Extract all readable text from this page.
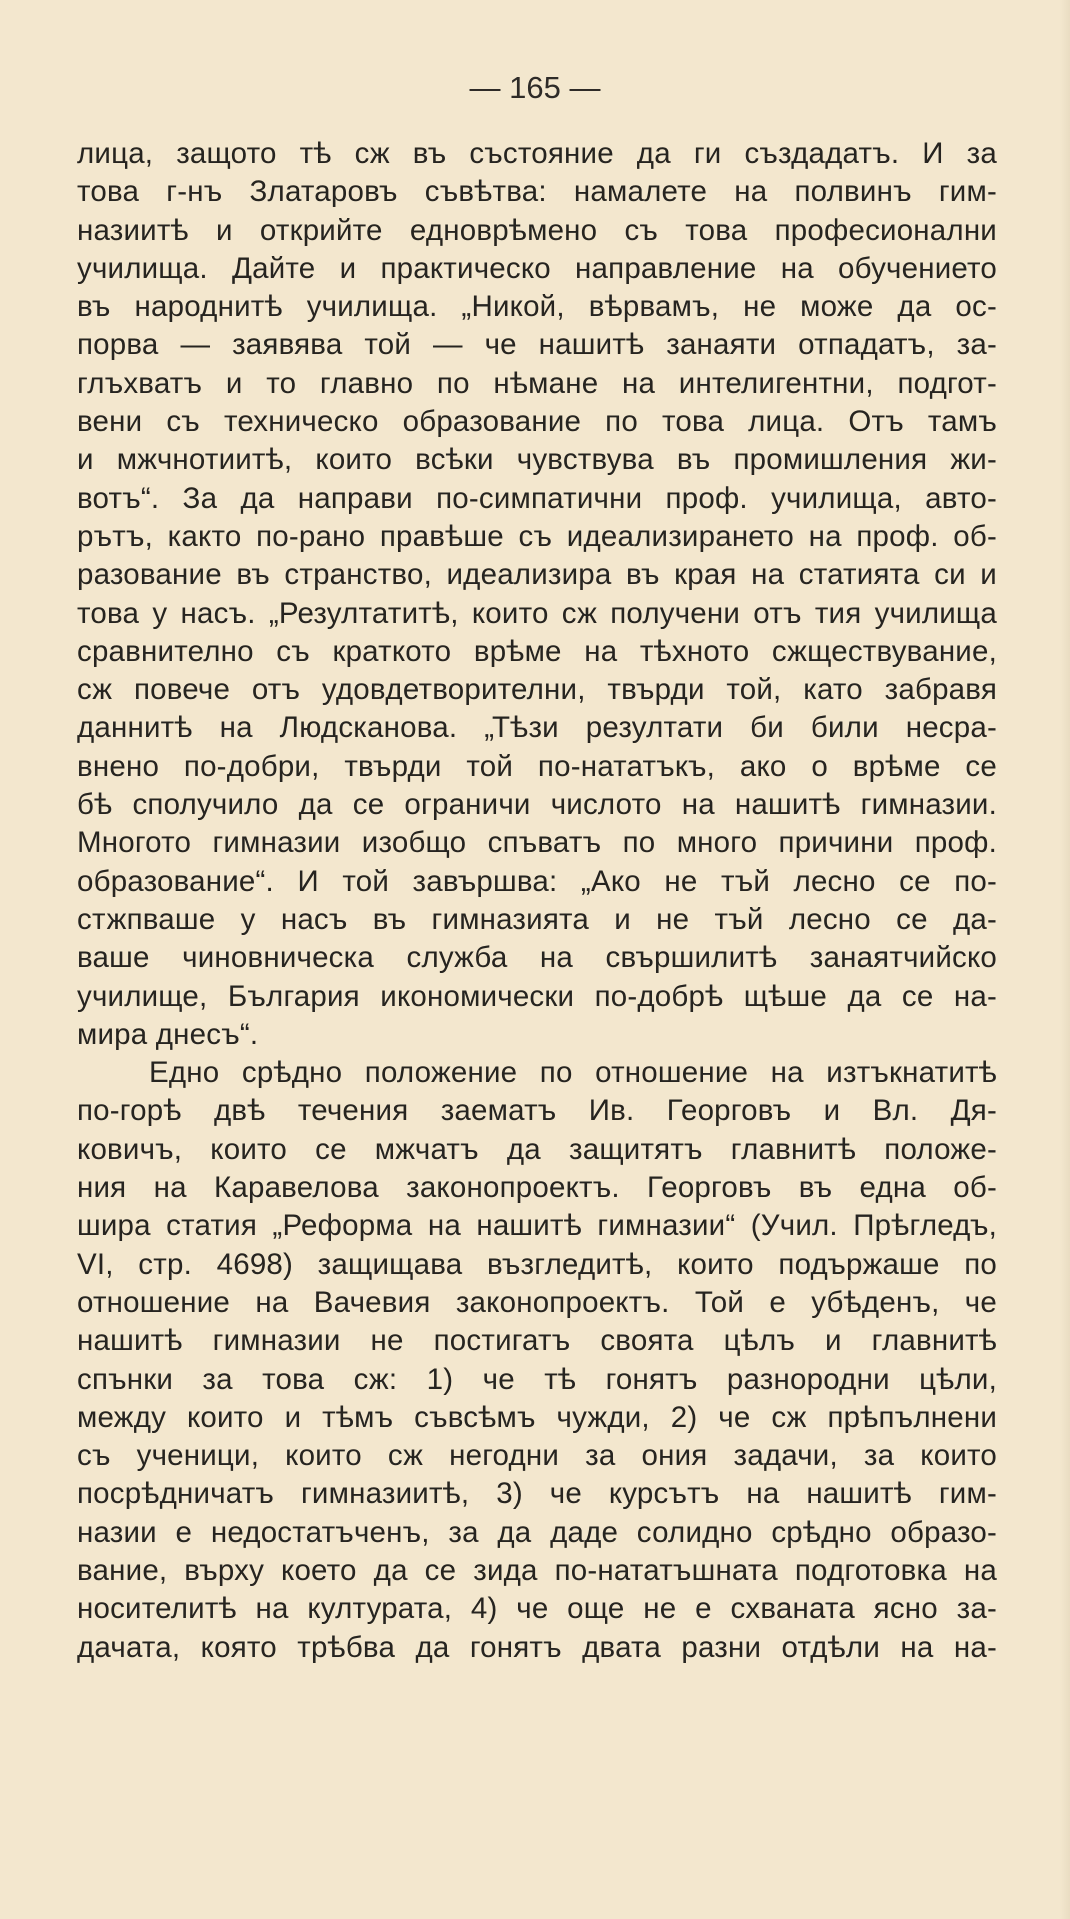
— 165 —
лица, защото тѣ сж въ състояние да ги създадатъ. И за
това г-нъ Златаровъ съвѣтва: намалете на полвинъ гим-
назиитѣ и открийте едноврѣмено съ това професионални
училища. Дайте и практическо направление на обучението
въ народнитѣ училища. „Никой, вѣрвамъ, не може да ос-
порва — заявява той — че нашитѣ занаяти отпадатъ, за-
глъхватъ и то главно по нѣмане на интелигентни, подгот-
вени съ техническо образование по това лица. Отъ тамъ
и мжчнотиитѣ, които всѣки чувствува въ промишления жи-
вотъ“. За да направи по-симпатични проф. училища, авто-
рътъ, както по-рано правѣше съ идеализирането на проф. об-
разование въ странство, идеализира въ края на статията си и
това у насъ. „Резултатитѣ, които сж получени отъ тия училища
сравнително съ краткото врѣме на тѣхното сжществувание,
сж повече отъ удовдетворителни, твърди той, като забравя
даннитѣ на Людсканова. „Тѣзи резултати би били несра-
внено по-добри, твърди той по-нататъкъ, ако о врѣме се
бѣ сполучило да се ограничи числото на нашитѣ гимназии.
Многото гимназии изобщо спъватъ по много причини проф.
образование“. И той завършва: „Ако не тъй лесно се по-
стжпваше у насъ въ гимназията и не тъй лесно се да-
ваше чиновническа служба на свършилитѣ занаятчийско
училище, България икономически по-добрѣ щѣше да се на-
мира днесъ“.
Едно срѣдно положение по отношение на изтъкнатитѣ
по-горѣ двѣ течения заематъ Ив. Георговъ и Вл. Дя-
ковичъ, които се мжчатъ да защитятъ главнитѣ положе-
ния на Каравелова законопроектъ. Георговъ въ една об-
шира статия „Реформа на нашитѣ гимназии“ (Учил. Прѣгледъ,
VI, стр. 4698) защищава възгледитѣ, които подържаше по
отношение на Вачевия законопроектъ. Той е убѣденъ, че
нашитѣ гимназии не постигатъ своята цѣлъ и главнитѣ
спънки за това сж: 1) че тѣ гонятъ разнородни цѣли,
между които и тѣмъ съвсѣмъ чужди, 2) че сж прѣпълнени
съ ученици, които сж негодни за ония задачи, за които
посрѣдничатъ гимназиитѣ, 3) че курсътъ на нашитѣ гим-
назии е недостатъченъ, за да даде солидно срѣдно образо-
вание, върху което да се зида по-нататъшната подготовка на
носителитѣ на културата, 4) че още не е схваната ясно за-
дачата, която трѣбва да гонятъ двата разни отдѣли на на-
